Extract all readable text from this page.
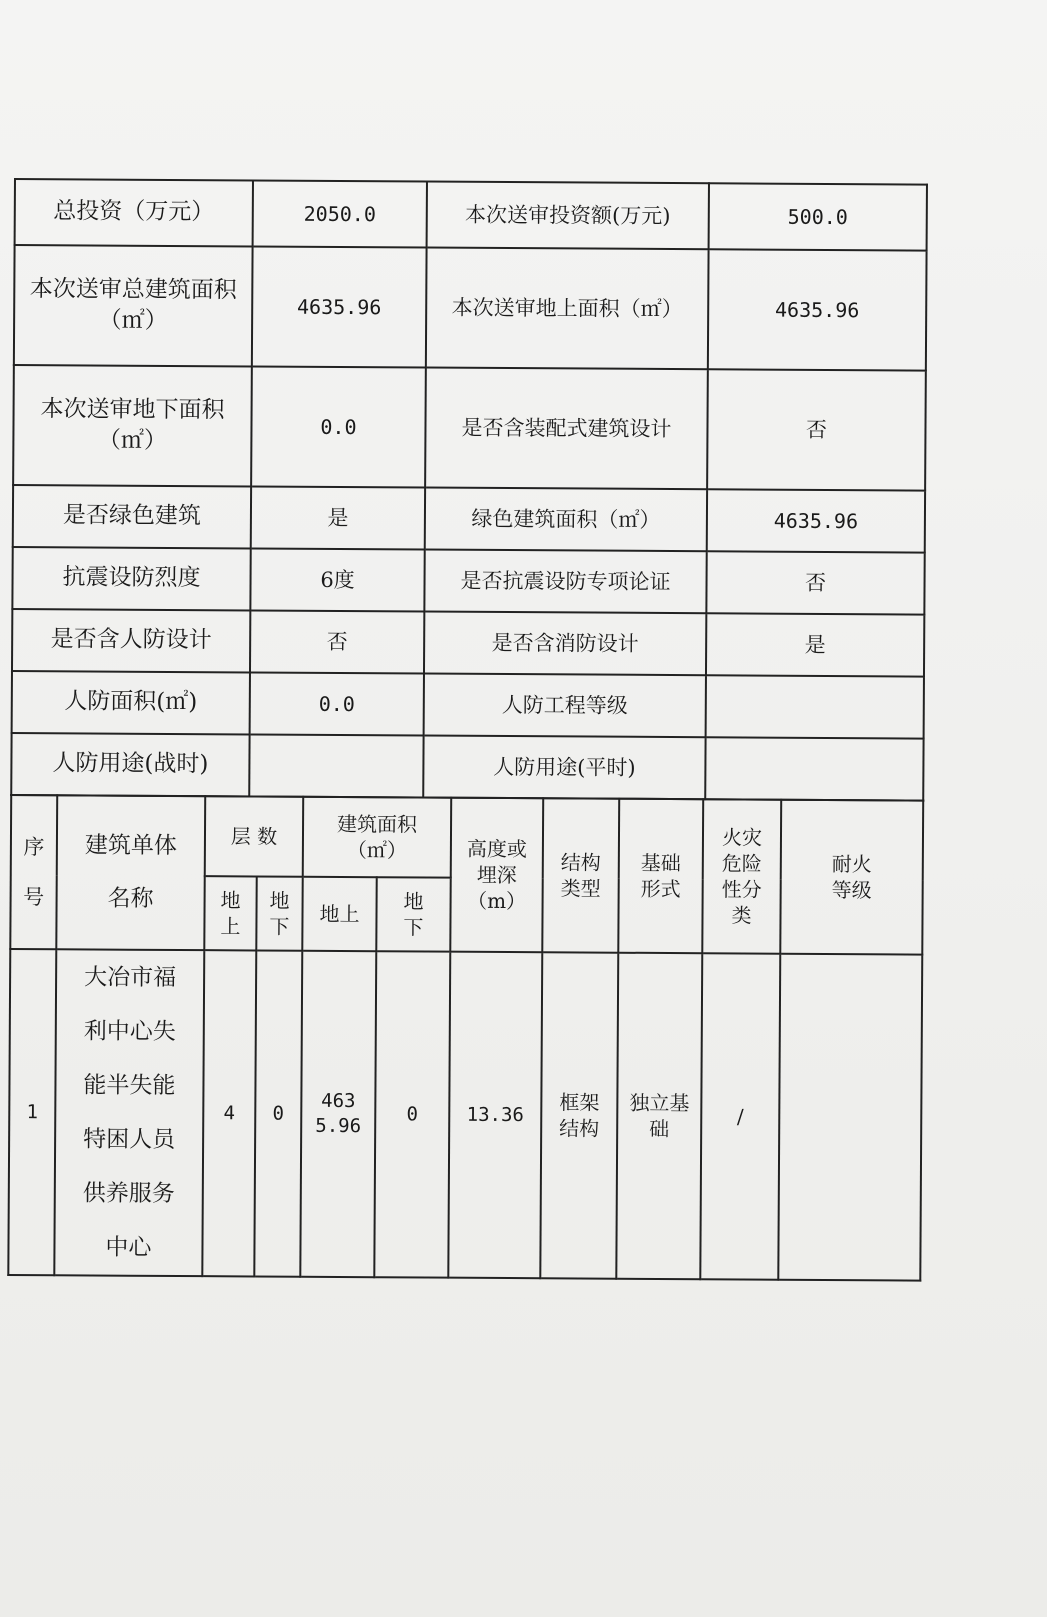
总投资（万元）	2050.0	本次送审投资额(万元)	500.0
本次送审总建筑面积（㎡）	4635.96	本次送审地上面积（㎡）	4635.96
本次送审地下面积（㎡）	0.0	是否含装配式建筑设计	否
是否绿色建筑	是	绿色建筑面积（㎡）	4635.96
抗震设防烈度	6度	是否抗震设防专项论证	否
是否含人防设计	否	是否含消防设计	是
人防面积(㎡)	0.0	人防工程等级	
人防用途(战时)		人防用途(平时)	
序号	建筑单体名称	层 数		建筑面积（㎡）		高度或埋深（m）	结构类型	基础形式	火灾危险性分类	耐火等级
		地上	地下	地上	地下					
1	大冶市福利中心失能半失能特困人员供养服务中心	4	0	4635.96	0	13.36	框架结构	独立基础	/	
